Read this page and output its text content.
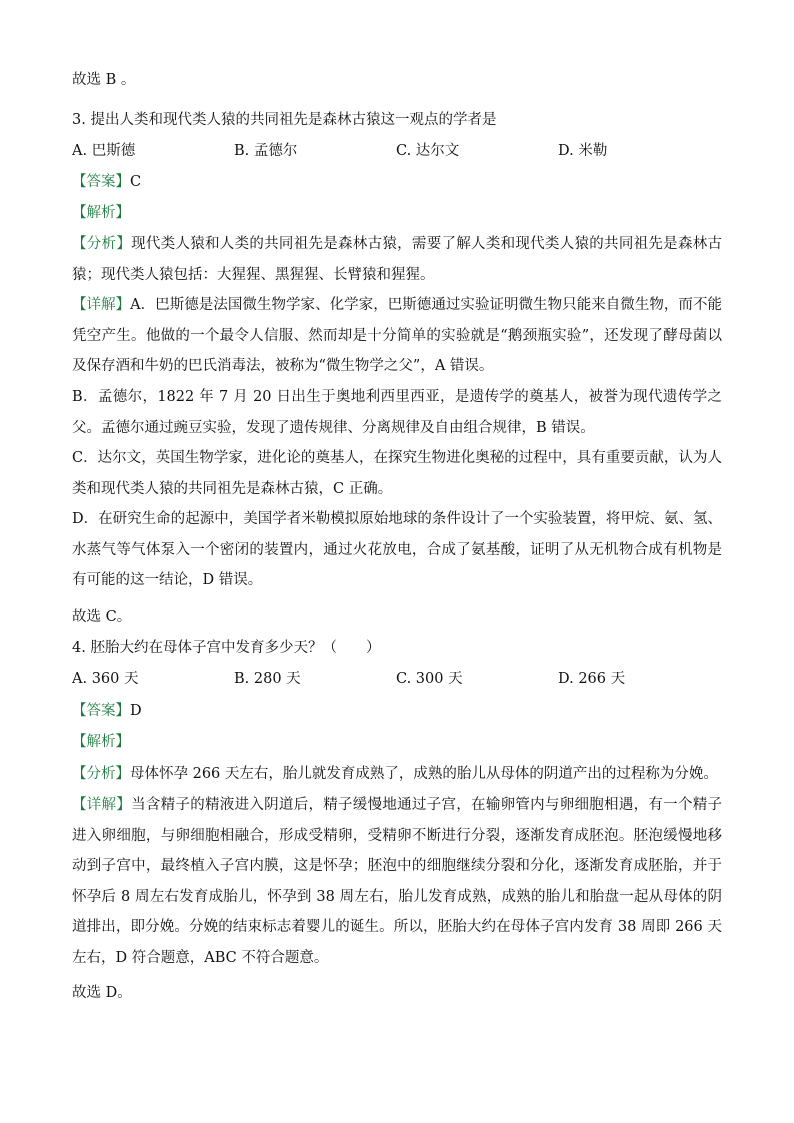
故选 B 。

3. 提出人类和现代类人猿的共同祖先是森林古猿这一观点的学者是

A. 巴斯德	B. 孟德尔	C. 达尔文	D. 米勒

【答案】C

【解析】

【分析】现代类人猿和人类的共同祖先是森林古猿，需要了解人类和现代类人猿的共同祖先是森林古猿；现代类人猿包括：大猩猩、黑猩猩、长臂猿和猩猩。

【详解】A．巴斯德是法国微生物学家、化学家，巴斯德通过实验证明微生物只能来自微生物，而不能凭空产生。他做的一个最令人信服、然而却是十分简单的实验就是“鹅颈瓶实验”，还发现了酵母菌以及保存酒和牛奶的巴氏消毒法，被称为“微生物学之父”，A 错误。

B．孟德尔，1822 年 7 月 20 日出生于奥地利西里西亚，是遗传学的奠基人，被誉为现代遗传学之父。孟德尔通过豌豆实验，发现了遗传规律、分离规律及自由组合规律，B 错误。

C．达尔文，英国生物学家，进化论的奠基人，在探究生物进化奥秘的过程中，具有重要贡献，认为人类和现代类人猿的共同祖先是森林古猿，C 正确。

D．在研究生命的起源中，美国学者米勒模拟原始地球的条件设计了一个实验装置，将甲烷、氨、氢、水蒸气等气体泵入一个密闭的装置内，通过火花放电，合成了氨基酸，证明了从无机物合成有机物是有可能的这一结论，D 错误。

故选 C。

4. 胚胎大约在母体子宫中发育多少天？（　　）

A. 360 天	B. 280 天	C. 300 天	D. 266 天

【答案】D

【解析】

【分析】母体怀孕 266 天左右，胎儿就发育成熟了，成熟的胎儿从母体的阴道产出的过程称为分娩。

【详解】当含精子的精液进入阴道后，精子缓慢地通过子宫，在输卵管内与卵细胞相遇，有一个精子进入卵细胞，与卵细胞相融合，形成受精卵，受精卵不断进行分裂，逐渐发育成胚泡。胚泡缓慢地移动到子宫中，最终植入子宫内膜，这是怀孕；胚泡中的细胞继续分裂和分化，逐渐发育成胚胎，并于怀孕后 8 周左右发育成胎儿，怀孕到 38 周左右，胎儿发育成熟，成熟的胎儿和胎盘一起从母体的阴道排出，即分娩。分娩的结束标志着婴儿的诞生。所以，胚胎大约在母体子宫内发育 38 周即 266 天左右，D 符合题意，ABC 不符合题意。

故选 D。
